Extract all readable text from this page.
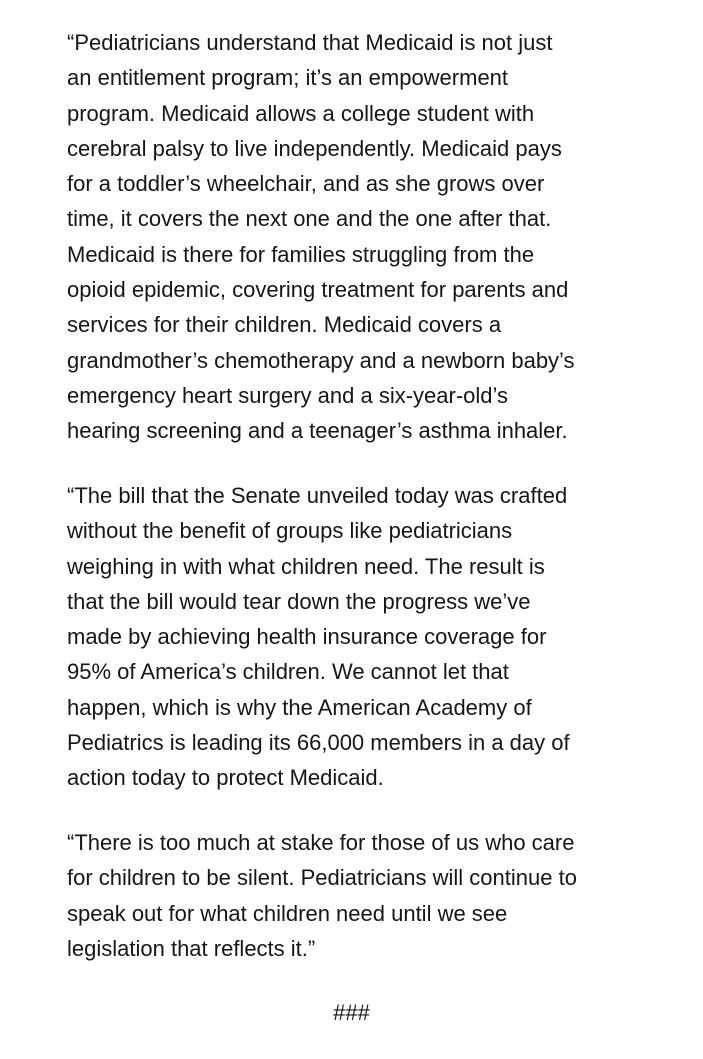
“Pediatricians understand that Medicaid is not just
an entitlement program; it’s an empowerment
program. Medicaid allows a college student with
cerebral palsy to live independently. Medicaid pays
for a toddler’s wheelchair, and as she grows over
time, it covers the next one and the one after that.
Medicaid is there for families struggling from the
opioid epidemic, covering treatment for parents and
services for their children. Medicaid covers a
grandmother’s chemotherapy and a newborn baby’s
emergency heart surgery and a six-year-old’s
hearing screening and a teenager’s asthma inhaler.

“The bill that the Senate unveiled today was crafted
without the benefit of groups like pediatricians
weighing in with what children need. The result is
that the bill would tear down the progress we’ve
made by achieving health insurance coverage for
95% of America’s children. We cannot let that
happen, which is why the American Academy of
Pediatrics is leading its 66,000 members in a day of
action today to protect Medicaid.

“There is too much at stake for those of us who care
for children to be silent. Pediatricians will continue to
speak out for what children need until we see
legislation that reflects it.”

###
